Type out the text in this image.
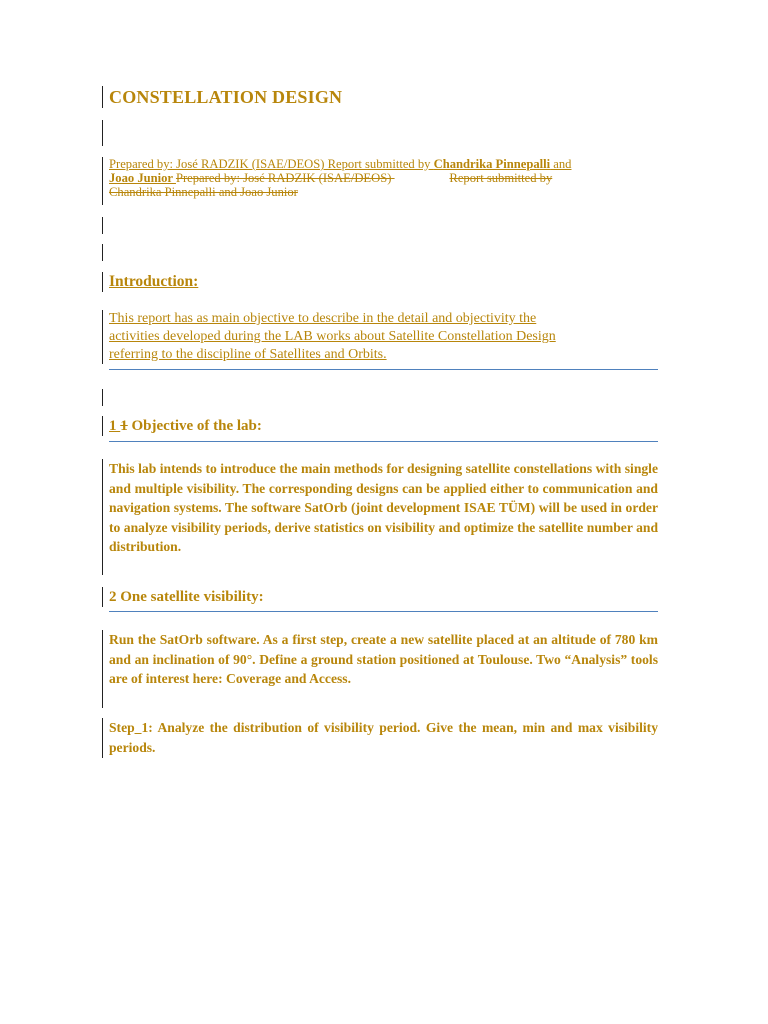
CONSTELLATION DESIGN
Prepared by: José RADZIK (ISAE/DEOS) Report submitted by Chandrika Pinnepalli and
Joao Junior Prepared by: José RADZIK (ISAE/DEOS)	Report submitted by
Chandrika Pinnepalli and Joao Junior
Introduction:
This report has as main objective to describe in the detail and objectivity the
activities developed during the LAB works about Satellite Constellation Design
referring to the discipline of Satellites and Orbits.
1 1 Objective of the lab:
This lab intends to introduce the main methods for designing satellite constellations with single and multiple visibility. The corresponding designs can be applied either to communication and navigation systems. The software SatOrb (joint development ISAE TÜM) will be used in order to analyze visibility periods, derive statistics on visibility and optimize the satellite number and distribution.
2 One satellite visibility:
Run the SatOrb software. As a first step, create a new satellite placed at an altitude of 780 km and an inclination of 90°. Define a ground station positioned at Toulouse. Two “Analysis” tools are of interest here: Coverage and Access.
Step_1: Analyze the distribution of visibility period. Give the mean, min and max visibility periods.
